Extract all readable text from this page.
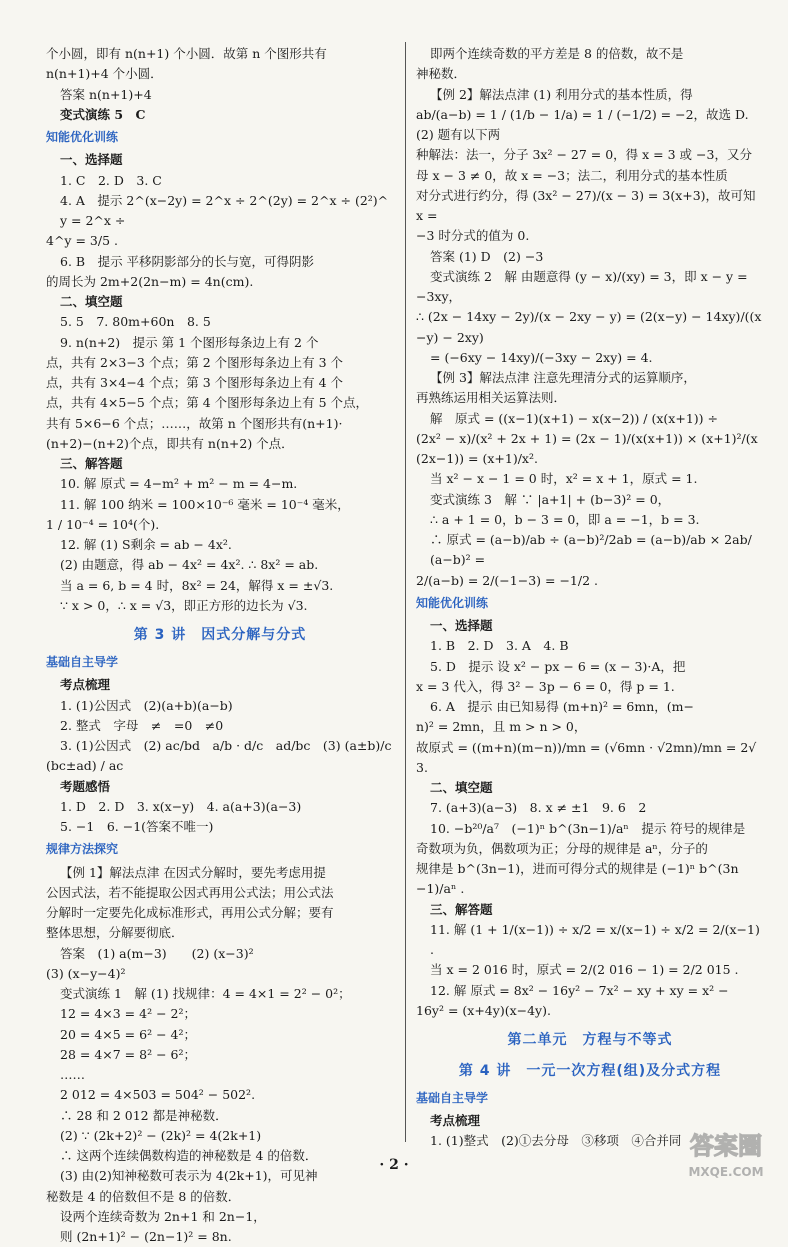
个小圆，即有 n(n+1) 个小圆．故第 n 个图形共有

n(n+1)+4 个小圆．

答案 n(n+1)+4

变式演练 5　C

知能优化训练

一、选择题

1. C　2. D　3. C

4. A　提示 2^(x−2y) = 2^x ÷ 2^(2y) = 2^x ÷ (2²)^y = 2^x ÷

4^y = 3/5 .

6. B　提示 平移阴影部分的长与宽，可得阴影

的周长为 2m+2(2n−m) = 4n(cm).

二、填空题

5. 5　7. 80m+60n　8. 5

9. n(n+2)　提示 第 1 个图形每条边上有 2 个

点，共有 2×3−3 个点；第 2 个图形每条边上有 3 个

点，共有 3×4−4 个点；第 3 个图形每条边上有 4 个

点，共有 4×5−5 个点；第 4 个图形每条边上有 5 个点，

共有 5×6−6 个点；……，故第 n 个图形共有(n+1)·

(n+2)−(n+2)个点，即共有 n(n+2) 个点．

三、解答题

10. 解 原式 = 4−m² + m² − m = 4−m.

11. 解 100 纳米 = 100×10⁻⁶ 毫米 = 10⁻⁴ 毫米，

1 / 10⁻⁴ = 10⁴(个).

12. 解 (1) S剩余 = ab − 4x².

(2) 由题意，得 ab − 4x² = 4x². ∴ 8x² = ab.

当 a = 6, b = 4 时，8x² = 24，解得 x = ±√3.

∵ x > 0，∴ x = √3，即正方形的边长为 √3.

第 3 讲　因式分解与分式

基础自主导学

考点梳理

1. (1)公因式　(2)(a+b)(a−b)

2. 整式　字母　≠　=0　≠0

3. (1)公因式　(2) ac/bd　a/b · d/c　ad/bc　(3) (a±b)/c

(bc±ad) / ac

考题感悟

1. D　2. D　3. x(x−y)　4. a(a+3)(a−3)

5. −1　6. −1(答案不唯一)

规律方法探究

【例 1】解法点津 在因式分解时，要先考虑用提

公因式法，若不能提取公因式再用公式法；用公式法

分解时一定要先化成标准形式，再用公式分解；要有

整体思想，分解要彻底．

答案　(1) a(m−3)　　(2) (x−3)²

(3) (x−y−4)²

变式演练 1　解 (1) 找规律：4 = 4×1 = 2² − 0²；

12 = 4×3 = 4² − 2²；

20 = 4×5 = 6² − 4²；

28 = 4×7 = 8² − 6²；

……

2 012 = 4×503 = 504² − 502².

∴ 28 和 2 012 都是神秘数．

(2) ∵ (2k+2)² − (2k)² = 4(2k+1)

∴ 这两个连续偶数构造的神秘数是 4 的倍数．

(3) 由(2)知神秘数可表示为 4(2k+1)，可见神

秘数是 4 的倍数但不是 8 的倍数．

设两个连续奇数为 2n+1 和 2n−1，

则 (2n+1)² − (2n−1)² = 8n.

即两个连续奇数的平方差是 8 的倍数，故不是

神秘数．

【例 2】解法点津 (1) 利用分式的基本性质，得

ab/(a−b) = 1 / (1/b − 1/a) = 1 / (−1/2) = −2，故选 D. (2) 题有以下两

种解法：法一，分子 3x² − 27 = 0，得 x = 3 或 −3，又分

母 x − 3 ≠ 0，故 x = −3；法二，利用分式的基本性质

对分式进行约分，得 (3x² − 27)/(x − 3) = 3(x+3)，故可知 x =

−3 时分式的值为 0.

答案 (1) D　(2) −3

变式演练 2　解 由题意得 (y − x)/(xy) = 3，即 x − y =

−3xy，

∴ (2x − 14xy − 2y)/(x − 2xy − y) = (2(x−y) − 14xy)/((x−y) − 2xy)

= (−6xy − 14xy)/(−3xy − 2xy) = 4.

【例 3】解法点津 注意先理清分式的运算顺序，

再熟练运用相关运算法则．

解　原式 = ((x−1)(x+1) − x(x−2)) / (x(x+1)) ÷

(2x² − x)/(x² + 2x + 1) = (2x − 1)/(x(x+1)) × (x+1)²/(x(2x−1)) = (x+1)/x².

当 x² − x − 1 = 0 时，x² = x + 1，原式 = 1.

变式演练 3　解 ∵ |a+1| + (b−3)² = 0，

∴ a + 1 = 0，b − 3 = 0，即 a = −1，b = 3.

∴ 原式 = (a−b)/ab ÷ (a−b)²/2ab = (a−b)/ab × 2ab/(a−b)² =

2/(a−b) = 2/(−1−3) = −1/2 .

知能优化训练

一、选择题

1. B　2. D　3. A　4. B

5. D　提示 设 x² − px − 6 = (x − 3)·A，把

x = 3 代入，得 3² − 3p − 6 = 0，得 p = 1.

6. A　提示 由已知易得 (m+n)² = 6mn，(m−

n)² = 2mn，且 m > n > 0，

故原式 = ((m+n)(m−n))/mn = (√6mn · √2mn)/mn = 2√3.

二、填空题

7. (a+3)(a−3)　8. x ≠ ±1　9. 6　2

10. −b²⁰/a⁷　(−1)ⁿ b^(3n−1)/aⁿ　提示 符号的规律是

奇数项为负，偶数项为正；分母的规律是 aⁿ，分子的

规律是 b^(3n−1)，进而可得分式的规律是 (−1)ⁿ b^(3n−1)/aⁿ .

三、解答题

11. 解 (1 + 1/(x−1)) ÷ x/2 = x/(x−1) ÷ x/2 = 2/(x−1) .

当 x = 2 016 时，原式 = 2/(2 016 − 1) = 2/2 015 .

12. 解 原式 = 8x² − 16y² − 7x² − xy + xy = x² −

16y² = (x+4y)(x−4y).

第二单元　方程与不等式

第 4 讲　一元一次方程(组)及分式方程

基础自主导学

考点梳理

1. (1)整式　(2)①去分母　③移项　④合并同

· 2 ·
答案圈
MXQE.COM
